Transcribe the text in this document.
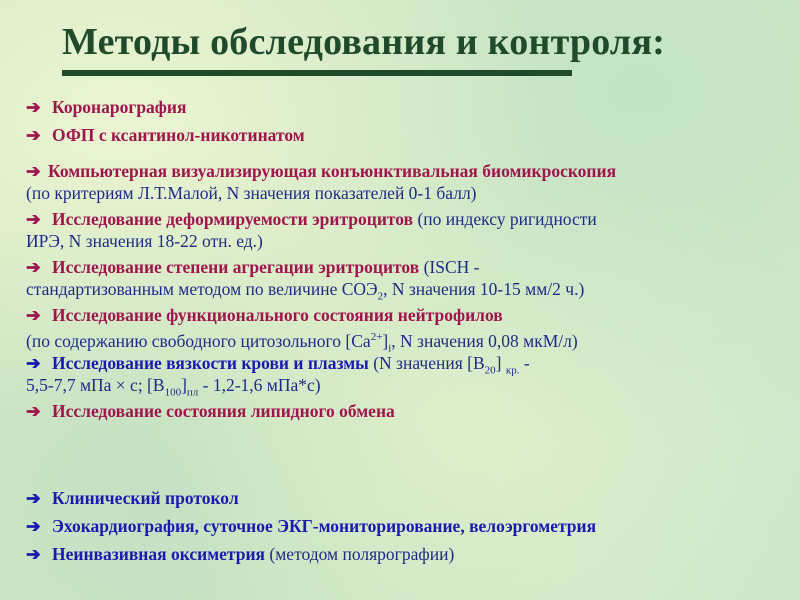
Методы обследования и контроля:
➔ Коронарография
➔ ОФП с ксантинол-никотинатом
➔ Компьютерная визуализирующая конъюнктивальная биомикроскопия
(по критериям Л.Т.Малой, N значения показателей 0-1 балл)
➔ Исследование деформируемости эритроцитов (по индексу ригидности
ИРЭ, N значения 18-22 отн. ед.)
➔ Исследование степени агрегации эритроцитов (ISCH -
стандартизованным методом по величине $СОЭ_2$, N значения 10-15 мм/2 ч.)
➔ Исследование функционального состояния нейтрофилов
(по содержанию свободного цитозольного $[Ca^{2+}]_i$, N значения 0,08 мкМ/л)
➔ Исследование вязкости крови и плазмы (N значения $[B_{20}]$ $_{кр.}$ -
5,5-7,7 мПа × с; $[B_{100}]_{пл} - 1,2-1,6$ мПа*с)
➔ Исследование состояния липидного обмена
➔ Клинический протокол
➔ Эхокардиография, суточное ЭКГ-мониторирование, велоэргометрия
➔ Неинвазивная оксиметрия (методом полярографии)
